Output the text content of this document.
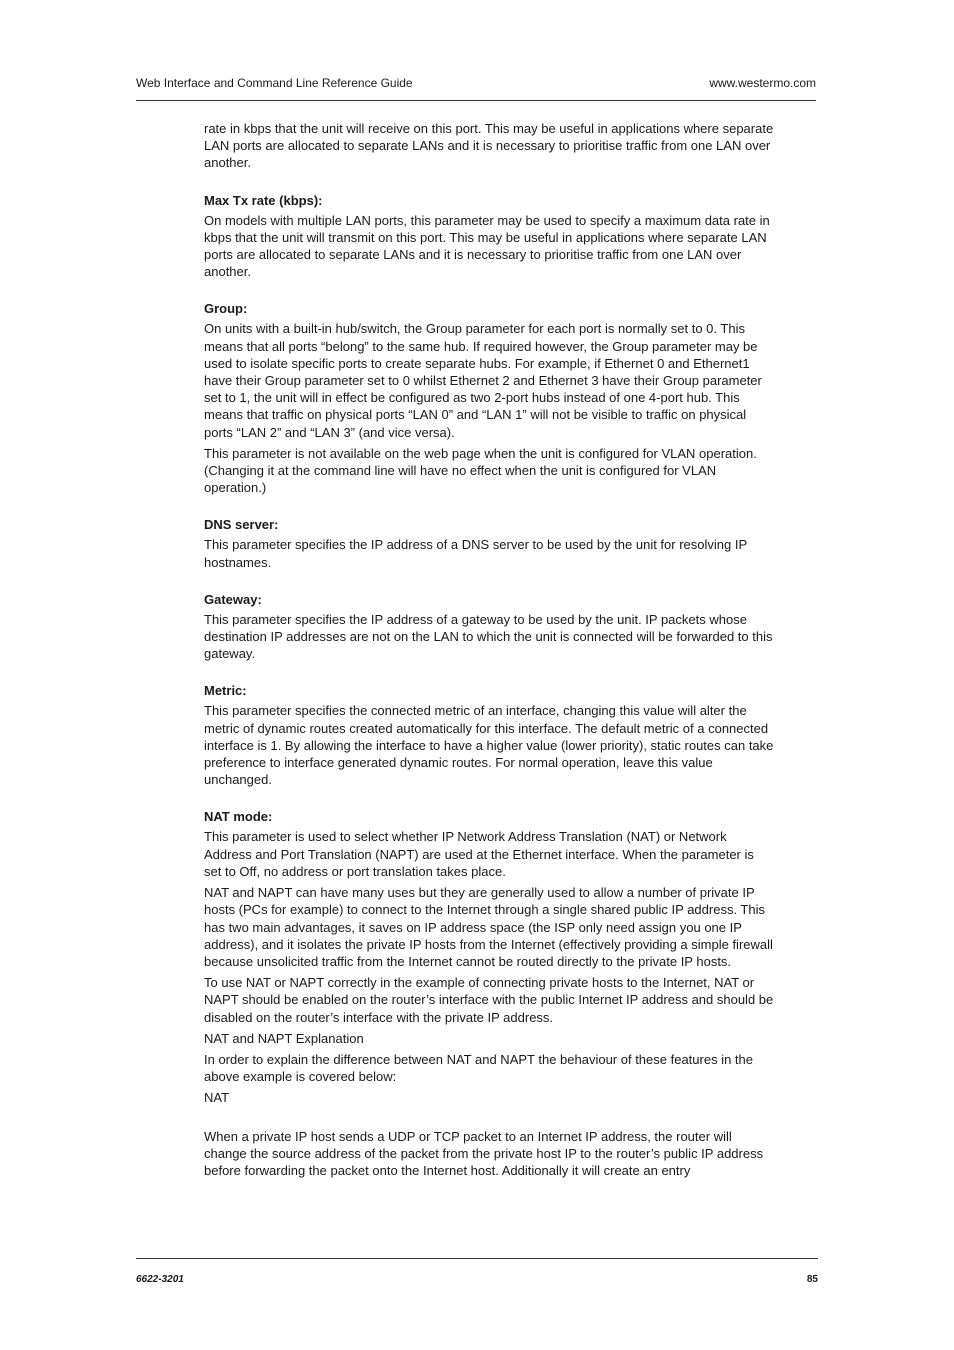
Web Interface and Command Line Reference Guide	www.westermo.com

rate in kbps that the unit will receive on this port. This may be useful in applications where separate LAN ports are allocated to separate LANs and it is necessary to prioritise traffic from one LAN over another.

Max Tx rate (kbps):

On models with multiple LAN ports, this parameter may be used to specify a maximum data rate in kbps that the unit will transmit on this port. This may be useful in applications where separate LAN ports are allocated to separate LANs and it is necessary to prioritise traffic from one LAN over another.

Group:

On units with a built-in hub/switch, the Group parameter for each port is normally set to 0. This means that all ports “belong” to the same hub. If required however, the Group parameter may be used to isolate specific ports to create separate hubs. For example, if Ethernet 0 and Ethernet1 have their Group parameter set to 0 whilst Ethernet 2 and Ethernet 3 have their Group parameter set to 1, the unit will in effect be configured as two 2-port hubs instead of one 4-port hub. This means that traffic on physical ports “LAN 0” and “LAN 1” will not be visible to traffic on physical ports “LAN 2” and “LAN 3” (and vice versa).

This parameter is not available on the web page when the unit is configured for VLAN operation. (Changing it at the command line will have no effect when the unit is configured for VLAN operation.)

DNS server:

This parameter specifies the IP address of a DNS server to be used by the unit for resolving IP hostnames.

Gateway:

This parameter specifies the IP address of a gateway to be used by the unit. IP packets whose destination IP addresses are not on the LAN to which the unit is connected will be forwarded to this gateway.

Metric:

This parameter specifies the connected metric of an interface, changing this value will alter the metric of dynamic routes created automatically for this interface. The default metric of a connected interface is 1. By allowing the interface to have a higher value (lower priority), static routes can take preference to interface generated dynamic routes. For normal operation, leave this value unchanged.

NAT mode:

This parameter is used to select whether IP Network Address Translation (NAT) or Network Address and Port Translation (NAPT) are used at the Ethernet interface. When the parameter is set to Off, no address or port translation takes place.

NAT and NAPT can have many uses but they are generally used to allow a number of private IP hosts (PCs for example) to connect to the Internet through a single shared public IP address. This has two main advantages, it saves on IP address space (the ISP only need assign you one IP address), and it isolates the private IP hosts from the Internet (effectively providing a simple firewall because unsolicited traffic from the Internet cannot be routed directly to the private IP hosts.

To use NAT or NAPT correctly in the example of connecting private hosts to the Internet, NAT or NAPT should be enabled on the router’s interface with the public Internet IP address and should be disabled on the router’s interface with the private IP address.

NAT and NAPT Explanation

In order to explain the difference between NAT and NAPT the behaviour of these features in the above example is covered below:

NAT

When a private IP host sends a UDP or TCP packet to an Internet IP address, the router will change the source address of the packet from the private host IP to the router’s public IP address before forwarding the packet onto the Internet host. Additionally it will create an entry

6622-3201	85
